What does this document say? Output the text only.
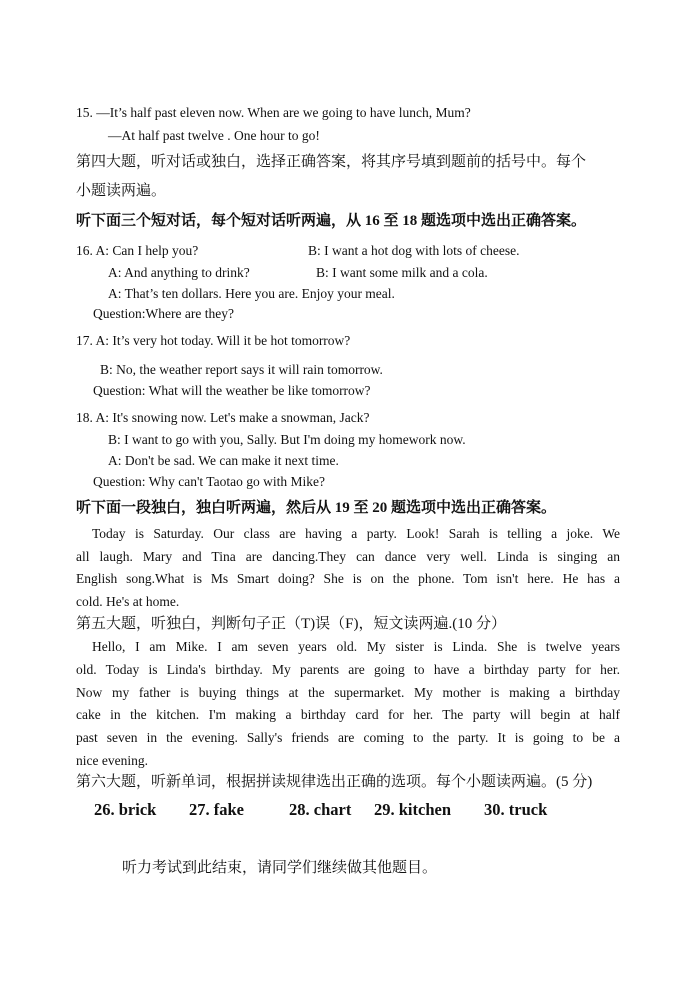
15. —It’s half past eleven now. When are we going to have lunch, Mum?
—At half past twelve . One hour to go!
第四大题，听对话或独白，选择正确答案，将其序号填到题前的括号中。每个
小题读两遍。
听下面三个短对话，每个短对话听两遍，从 16 至 18 题选项中选出正确答案。
16. A: Can I help you?	B: I want a hot dog with lots of cheese.
A: And anything to drink?	B: I want some milk and a cola.
A: That’s ten dollars. Here you are. Enjoy your meal.
Question:Where are they?
17. A: It’s very hot today. Will it be hot tomorrow?
B: No, the weather report says it will rain tomorrow.
Question: What will the weather be like tomorrow?
18. A: It's snowing now. Let's make a snowman, Jack?
B: I want to go with you, Sally. But I'm doing my homework now.
A: Don't be sad. We can make it next time.
Question: Why can't Taotao go with Mike?
听下面一段独白，独白听两遍，然后从 19 至 20 题选项中选出正确答案。
Today is Saturday. Our class are having a party. Look! Sarah is telling a joke. We
all laugh. Mary and Tina are dancing.They can dance very well. Linda is singing an
English song.What is Ms Smart doing? She is on the phone. Tom isn't here. He has a
cold. He's at home.
第五大题，听独白，判断句子正（T)误（F)，短文读两遍.(10 分）
Hello, I am Mike. I am seven years old. My sister is Linda. She is twelve years
old. Today is Linda's birthday. My parents are going to have a birthday party for her.
Now my father is buying things at the supermarket. My mother is making a birthday
cake in the kitchen. I'm making a birthday card for her. The party will begin at half
past seven in the evening. Sally's friends are coming to the party. It is going to be a
nice evening.
第六大题，听新单词，根据拼读规律选出正确的选项。每个小题读两遍。(5 分)
26. brick 27. fake	28. chart 29. kitchen 30. truck
听力考试到此结束，请同学们继续做其他题目。
